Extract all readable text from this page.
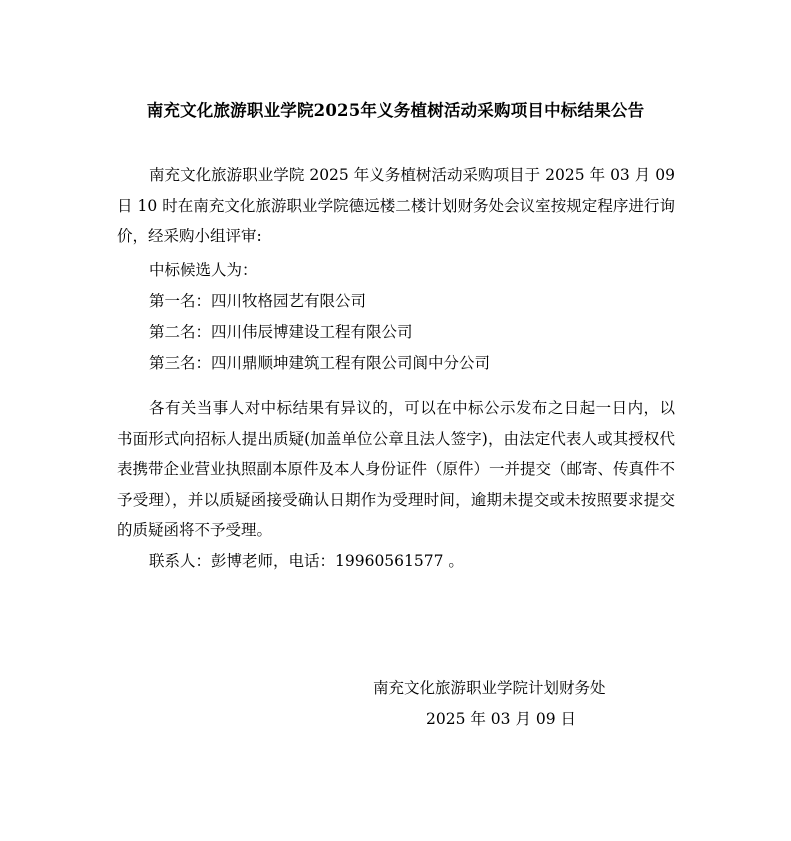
南充文化旅游职业学院2025年义务植树活动采购项目中标结果公告
南充文化旅游职业学院 2025 年义务植树活动采购项目于 2025 年 03 月 09 日 10 时在南充文化旅游职业学院德远楼二楼计划财务处会议室按规定程序进行询价，经采购小组评审:
中标候选人为：
第一名：四川牧格园艺有限公司
第二名：四川伟辰博建设工程有限公司
第三名：四川鼎顺坤建筑工程有限公司阆中分公司
各有关当事人对中标结果有异议的，可以在中标公示发布之日起一日内，以书面形式向招标人提出质疑(加盖单位公章且法人签字)，由法定代表人或其授权代表携带企业营业执照副本原件及本人身份证件（原件）一并提交（邮寄、传真件不予受理），并以质疑函接受确认日期作为受理时间，逾期未提交或未按照要求提交的质疑函将不予受理。
联系人：彭博老师，电话：19960561577 。
南充文化旅游职业学院计划财务处
2025 年 03 月 09 日
